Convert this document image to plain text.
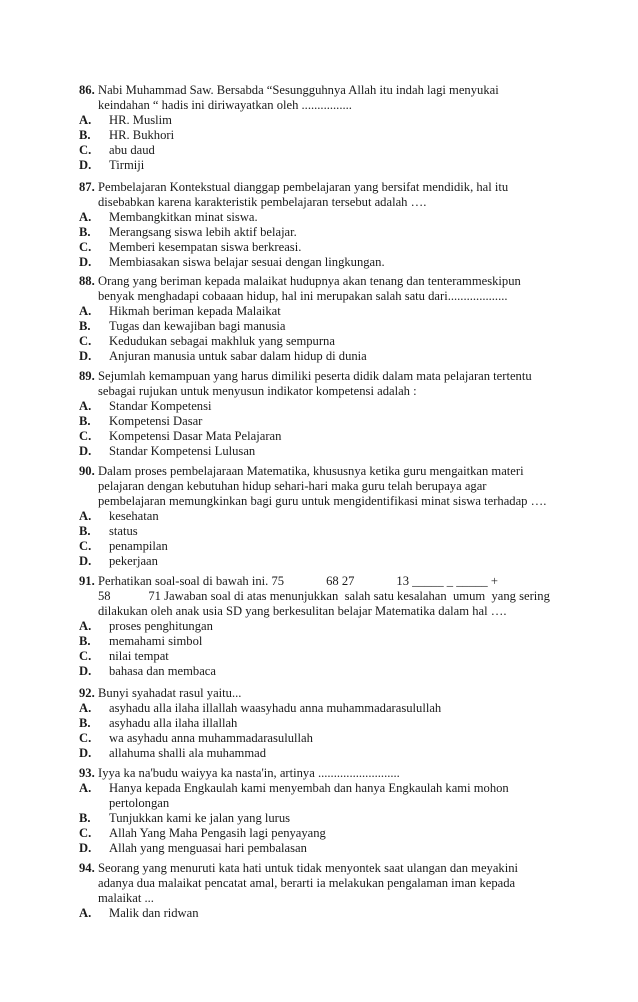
86. Nabi Muhammad Saw. Bersabda “Sesungguhnya Allah itu indah lagi menyukai
keindahan “ hadis ini diriwayatkan oleh ................
A. HR. Muslim
B. HR. Bukhori
C. abu daud
D. Tirmiji
87. Pembelajaran Kontekstual dianggap pembelajaran yang bersifat mendidik, hal itu
disebabkan karena karakteristik pembelajaran tersebut adalah ….
A. Membangkitkan minat siswa.
B. Merangsang siswa lebih aktif belajar.
C. Memberi kesempatan siswa berkreasi.
D. Membiasakan siswa belajar sesuai dengan lingkungan.
88. Orang yang beriman kepada malaikat hudupnya akan tenang dan tenterammeskipun
benyak menghadapi cobaaan hidup, hal ini merupakan salah satu dari...................
A. Hikmah beriman kepada Malaikat
B. Tugas dan kewajiban bagi manusia
C. Kedudukan sebagai makhluk yang sempurna
D. Anjuran manusia untuk sabar dalam hidup di dunia
89. Sejumlah kemampuan yang harus dimiliki peserta didik dalam mata pelajaran tertentu
sebagai rujukan untuk menyusun indikator kompetensi adalah :
A. Standar Kompetensi
B. Kompetensi Dasar
C. Kompetensi Dasar Mata Pelajaran
D. Standar Kompetensi Lulusan
90. Dalam proses pembelajaraan Matematika, khususnya ketika guru mengaitkan materi
pelajaran dengan kebutuhan hidup sehari-hari maka guru telah berupaya agar
pembelajaran memungkinkan bagi guru untuk mengidentifikasi minat siswa terhadap ….
A. kesehatan
B. status
C. penampilan
D. pekerjaan
91. Perhatikan soal-soal di bawah ini. 75	68 27	13 _____ _ _____ +
58            71 Jawaban soal di atas menunjukkan  salah satu kesalahan  umum  yang sering
dilakukan oleh anak usia SD yang berkesulitan belajar Matematika dalam hal ….
A. proses penghitungan
B. memahami simbol
C. nilai tempat
D. bahasa dan membaca
92. Bunyi syahadat rasul yaitu...
A. asyhadu alla ilaha illallah waasyhadu anna muhammadarasulullah
B. asyhadu alla ilaha illallah
C. wa asyhadu anna muhammadarasulullah
D. allahuma shalli ala muhammad
93. Iyya ka na'budu waiyya ka nasta'in, artinya ..........................
A. Hanya kepada Engkaulah kami menyembah dan hanya Engkaulah kami mohon
pertolongan
B. Tunjukkan kami ke jalan yang lurus
C. Allah Yang Maha Pengasih lagi penyayang
D. Allah yang menguasai hari pembalasan
94. Seorang yang menuruti kata hati untuk tidak menyontek saat ulangan dan meyakini
adanya dua malaikat pencatat amal, berarti ia melakukan pengalaman iman kepada
malaikat ...
A. Malik dan ridwan
